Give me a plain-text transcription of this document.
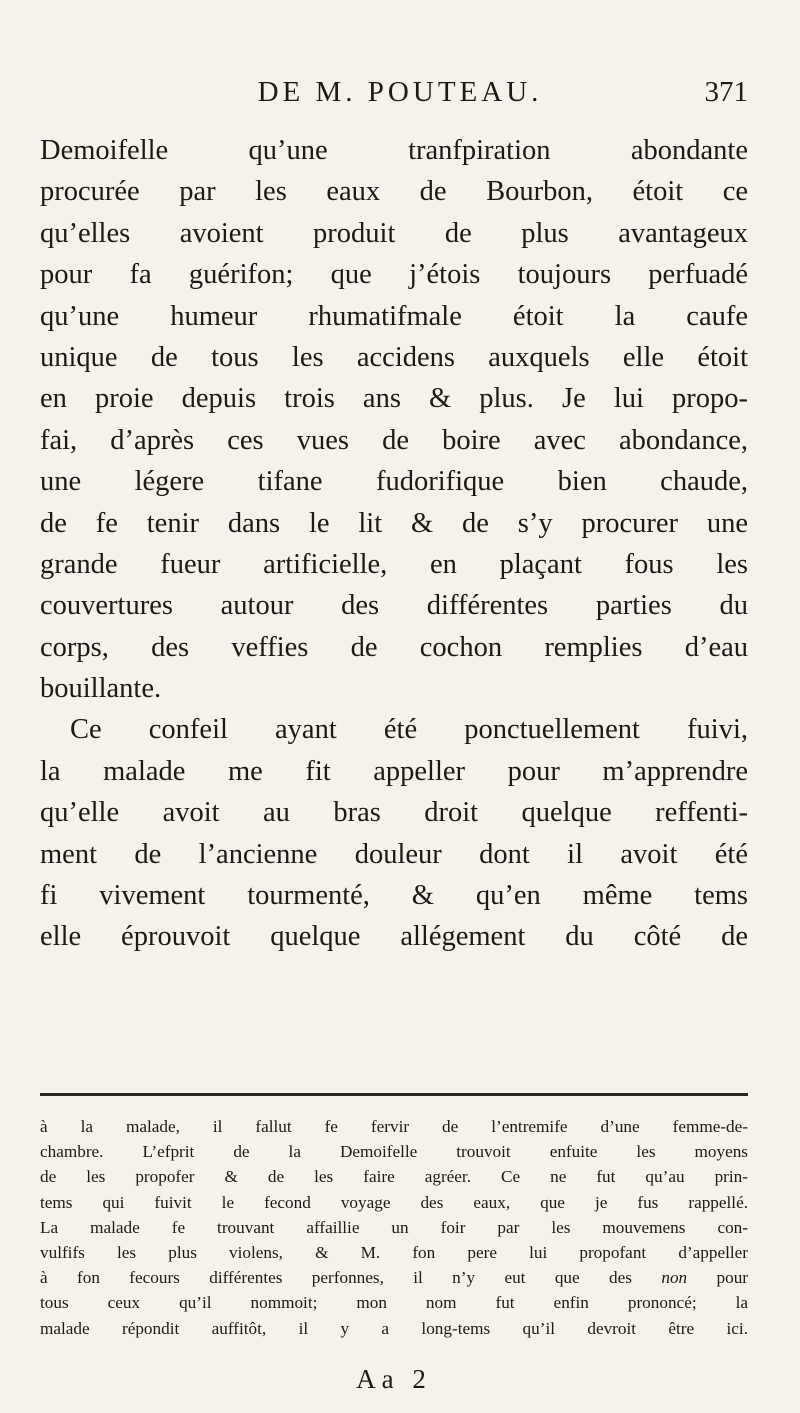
DE M. POUTEAU.	371
Demoifelle qu’une tranfpiration abondante
procurée par les eaux de Bourbon, étoit ce
qu’elles avoient produit de plus avantageux
pour fa guérifon; que j’étois toujours perfuadé
qu’une humeur rhumatifmale étoit la caufe
unique de tous les accidens auxquels elle étoit
en proie depuis trois ans & plus. Je lui propo-
fai, d’après ces vues de boire avec abondance,
une légere tifane fudorifique bien chaude,
de fe tenir dans le lit & de s’y procurer une
grande fueur artificielle, en plaçant fous les
couvertures autour des différentes parties du
corps, des veffies de cochon remplies d’eau
bouillante.
Ce confeil ayant été ponctuellement fuivi,
la malade me fit appeller pour m’apprendre
qu’elle avoit au bras droit quelque reffenti-
ment de l’ancienne douleur dont il avoit été
fi vivement tourmenté, & qu’en même tems
elle éprouvoit quelque allégement du côté de
à la malade, il fallut fe fervir de l’entremife d’une femme-de-
chambre. L’efprit de la Demoifelle trouvoit enfuite les moyens
de les propofer & de les faire agréer. Ce ne fut qu’au prin-
tems qui fuivit le fecond voyage des eaux, que je fus rappellé.
La malade fe trouvant affaillie un foir par les mouvemens con-
vulfifs les plus violens, & M. fon pere lui propofant d’appeller
à fon fecours différentes perfonnes, il n’y eut que des non pour
tous ceux qu’il nommoit; mon nom fut enfin prononcé; la
malade répondit auffitôt, il y a long-tems qu’il devroit être ici.
Aa 2
